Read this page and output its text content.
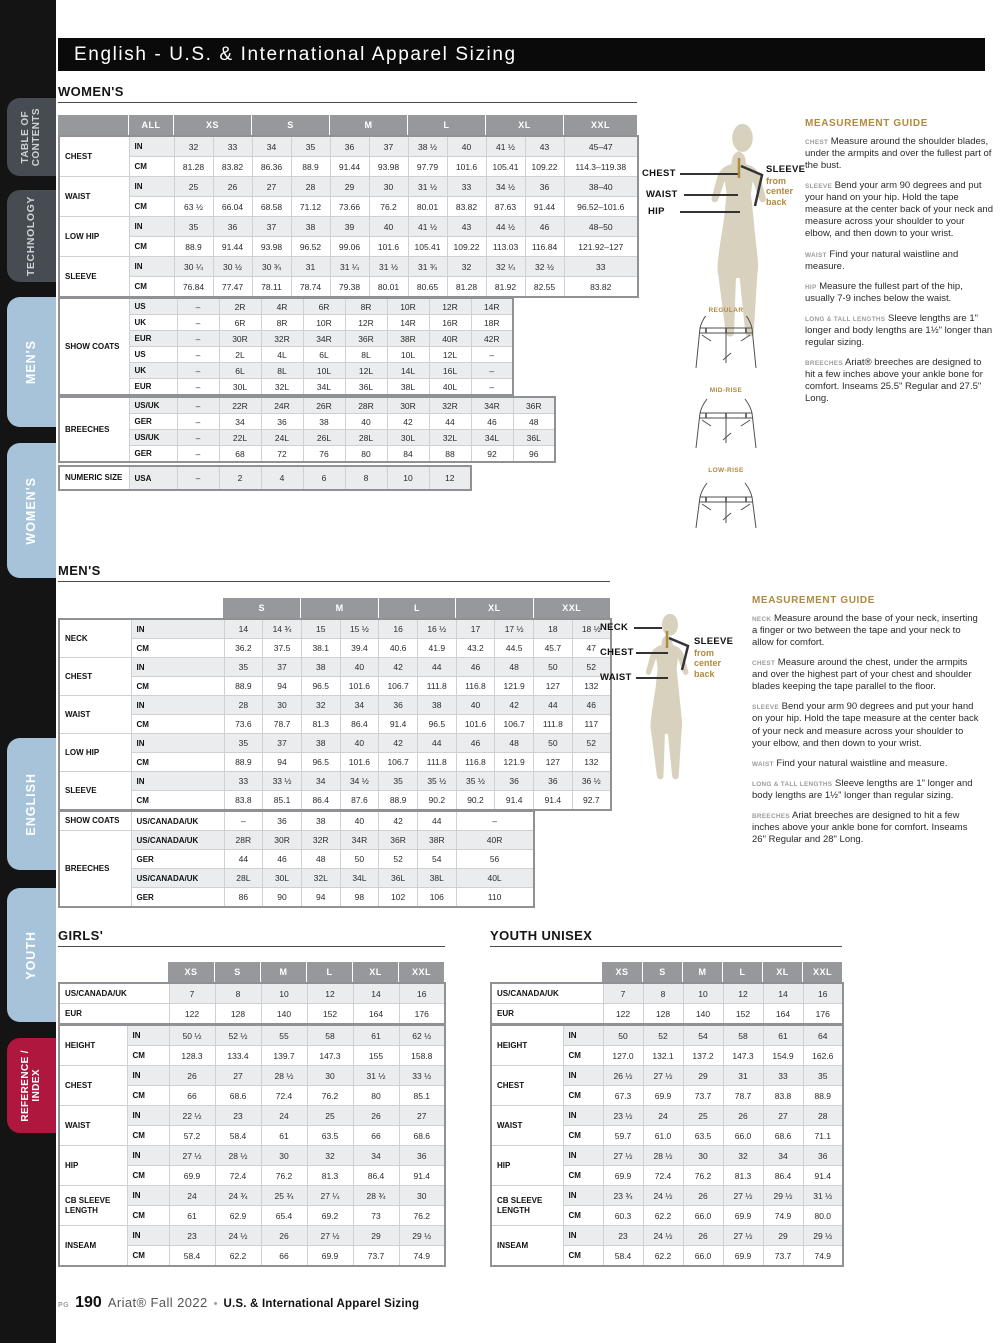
TABLE OF CONTENTS
TECHNOLOGY
MEN'S
WOMEN'S
ENGLISH
YOUTH
REFERENCE / INDEX
English - U.S. & International Apparel Sizing
WOMEN'S
ALL	XS	S	M	L	XL	XXL
CHEST	IN	32	33	34	35	36	37	38 ½	40	41 ½	43	45–47
	CM	81.28	83.82	86.36	88.9	91.44	93.98	97.79	101.6	105.41	109.22	114.3–119.38
WAIST	IN	25	26	27	28	29	30	31 ½	33	34 ½	36	38–40
	CM	63 ½	66.04	68.58	71.12	73.66	76.2	80.01	83.82	87.63	91.44	96.52–101.6
LOW HIP	IN	35	36	37	38	39	40	41 ½	43	44 ½	46	48–50
	CM	88.9	91.44	93.98	96.52	99.06	101.6	105.41	109.22	113.03	116.84	121.92–127
SLEEVE	IN	30 ¼	30 ½	30 ¾	31	31 ¼	31 ½	31 ¾	32	32 ¼	32 ½	33
	CM	76.84	77.47	78.11	78.74	79.38	80.01	80.65	81.28	81.92	82.55	83.82
SHOW COATS	US	–	2R	4R	6R	8R	10R	12R	14R
	UK	–	6R	8R	10R	12R	14R	16R	18R
	EUR	–	30R	32R	34R	36R	38R	40R	42R
	US	–	2L	4L	6L	8L	10L	12L	–
	UK	–	6L	8L	10L	12L	14L	16L	–
	EUR	–	30L	32L	34L	36L	38L	40L	–
BREECHES	US/UK	–	22R	24R	26R	28R	30R	32R	34R	36R
	GER	–	34	36	38	40	42	44	46	48
	US/UK	–	22L	24L	26L	28L	30L	32L	34L	36L
	GER	–	68	72	76	80	84	88	92	96
NUMERIC SIZE	USA	–	2	4	6	8	10	12
CHEST
WAIST
HIP
SLEEVE
from center back
REGULAR
MID-RISE
LOW-RISE
MEASUREMENT GUIDE

CHEST Measure around the shoulder blades, under the armpits and over the fullest part of the bust.

SLEEVE Bend your arm 90 degrees and put your hand on your hip. Hold the tape measure at the center back of your neck and measure across your shoulder to your elbow, and then down to your wrist.

WAIST Find your natural waistline and measure.

HIP Measure the fullest part of the hip, usually 7-9 inches below the waist.

LONG & TALL LENGTHS Sleeve lengths are 1" longer and body lengths are 1½" longer than regular sizing.

BREECHES Ariat® breeches are designed to hit a few inches above your ankle bone for comfort. Inseams 25.5" Regular and 27.5" Long.

MEN'S
S	M	L	XL	XXL
NECK	IN	14	14 ¾	15	15 ½	16	16 ½	17	17 ½	18	18 ½
	CM	36.2	37.5	38.1	39.4	40.6	41.9	43.2	44.5	45.7	47
CHEST	IN	35	37	38	40	42	44	46	48	50	52
	CM	88.9	94	96.5	101.6	106.7	111.8	116.8	121.9	127	132
WAIST	IN	28	30	32	34	36	38	40	42	44	46
	CM	73.6	78.7	81.3	86.4	91.4	96.5	101.6	106.7	111.8	117
LOW HIP	IN	35	37	38	40	42	44	46	48	50	52
	CM	88.9	94	96.5	101.6	106.7	111.8	116.8	121.9	127	132
SLEEVE	IN	33	33 ½	34	34 ½	35	35 ½	35 ½	36	36	36 ½
	CM	83.8	85.1	86.4	87.6	88.9	90.2	90.2	91.4	91.4	92.7
SHOW COATS	US/CANADA/UK	–	36	38	40	42	44	–
BREECHES	US/CANADA/UK	28R	30R	32R	34R	36R	38R	40R
	GER	44	46	48	50	52	54	56
	US/CANADA/UK	28L	30L	32L	34L	36L	38L	40L
	GER	86	90	94	98	102	106	110
NECK
CHEST
WAIST
SLEEVE
from center back
MEASUREMENT GUIDE

NECK Measure around the base of your neck, inserting a finger or two between the tape and your neck to allow for comfort.

CHEST Measure around the chest, under the armpits and over the highest part of your chest and shoulder blades keeping the tape parallel to the floor.

SLEEVE Bend your arm 90 degrees and put your hand on your hip. Hold the tape measure at the center back of your neck and measure across your shoulder to your elbow, and then down to your wrist.

WAIST Find your natural waistline and measure.

LONG & TALL LENGTHS Sleeve lengths are 1" longer and body lengths are 1½" longer than regular sizing.

BREECHES Ariat breeches are designed to hit a few inches above your ankle bone for comfort. Inseams 26" Regular and 28" Long.

GIRLS'
XS	S	M	L	XL	XXL
US/CANADA/UK	7	8	10	12	14	16
EUR	122	128	140	152	164	176
HEIGHT	IN	50 ½	52 ½	55	58	61	62 ½
	CM	128.3	133.4	139.7	147.3	155	158.8
CHEST	IN	26	27	28 ½	30	31 ½	33 ½
	CM	66	68.6	72.4	76.2	80	85.1
WAIST	IN	22 ½	23	24	25	26	27
	CM	57.2	58.4	61	63.5	66	68.6
HIP	IN	27 ½	28 ½	30	32	34	36
	CM	69.9	72.4	76.2	81.3	86.4	91.4
CB SLEEVE LENGTH	IN	24	24 ¾	25 ¾	27 ¼	28 ¾	30
	CM	61	62.9	65.4	69.2	73	76.2
INSEAM	IN	23	24 ½	26	27 ½	29	29 ½
	CM	58.4	62.2	66	69.9	73.7	74.9
YOUTH UNISEX
XS	S	M	L	XL	XXL
US/CANADA/UK	7	8	10	12	14	16
EUR	122	128	140	152	164	176
HEIGHT	IN	50	52	54	58	61	64
	CM	127.0	132.1	137.2	147.3	154.9	162.6
CHEST	IN	26 ½	27 ½	29	31	33	35
	CM	67.3	69.9	73.7	78.7	83.8	88.9
WAIST	IN	23 ½	24	25	26	27	28
	CM	59.7	61.0	63.5	66.0	68.6	71.1
HIP	IN	27 ½	28 ½	30	32	34	36
	CM	69.9	72.4	76.2	81.3	86.4	91.4
CB SLEEVE LENGTH	IN	23 ¾	24 ½	26	27 ½	29 ½	31 ½
	CM	60.3	62.2	66.0	69.9	74.9	80.0
INSEAM	IN	23	24 ½	26	27 ½	29	29 ½
	CM	58.4	62.2	66.0	69.9	73.7	74.9
PG 190 Ariat® Fall 2022 • U.S. & International Apparel Sizing
